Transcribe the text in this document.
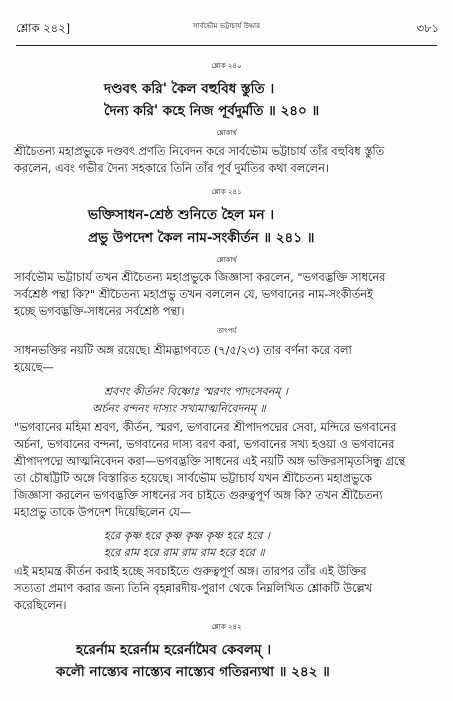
শ্লোক ২৪২]	সার্বভৌম ভট্টাচার্য উদ্ধার	৩৮১
শ্লোক ২৪০
দণ্ডবৎ করি' কৈল বহুবিধ স্তুতি ।
দৈন্য করি' কহে নিজ পূর্বদুর্মতি ॥ ২৪০ ॥
শ্লোকার্থ
শ্রীচৈতন্য মহাপ্রভুকে দণ্ডবৎ প্রণতি নিবেদন করে সার্বভৌম ভট্টাচার্য তাঁর বহুবিধ স্তুতি
করলেন, এবং গভীর দৈন্য সহকারে তিনি তাঁর পূর্ব দুর্মতির কথা বললেন।
শ্লোক ২৪১
ভক্তিসাধন-শ্রেষ্ঠ শুনিতে হৈল মন ।
প্রভু উপদেশ কৈল নাম-সংকীর্তন ॥ ২৪১ ॥
শ্লোকার্থ
সার্বভৌম ভট্টাচার্য তখন শ্রীচৈতন্য মহাপ্রভুকে জিজ্ঞাসা করলেন, "ভগবদ্ভক্তি সাধনের
সর্বশ্রেষ্ঠ পন্থা কি?" শ্রীচৈতন্য মহাপ্রভু তখন বললেন যে, ভগবানের নাম-সংকীর্তনই
হচ্ছে ভগবদ্ভক্তি-সাধনের সর্বশ্রেষ্ঠ পন্থা।
তাৎপর্য
সাধনভক্তির নয়টি অঙ্গ রয়েছে। শ্রীমদ্ভাগবতে (৭/৫/২৩) তার বর্ণনা করে বলা
হয়েছে—
শ্রবণং কীর্তনং বিষ্ণোঃ স্মরণং পাদসেবনম্ ।
অর্চনং বন্দনং দাস্যং সখ্যমাত্মনিবেদনম্ ॥
"ভগবানের মহিমা শ্রবণ, কীর্তন, স্মরণ, ভগবানের শ্রীপাদপদ্মের সেবা, মন্দিরে ভগবানের
অর্চনা, ভগবানের বন্দনা, ভগবানের দাস্য বরণ করা, ভগবানের সখ্য হওয়া ও ভগবানের
শ্রীপাদপদ্মে আত্মনিবেদন করা—ভগবদ্ভক্তি সাধনের এই নয়টি অঙ্গ ভক্তিরসামৃতসিন্ধু গ্রন্থে
তা চৌষট্টিটি অঙ্গে বিস্তারিত হয়েছে। সার্বভৌম ভট্টাচার্য যখন শ্রীচৈতন্য মহাপ্রভুকে
জিজ্ঞাসা করলেন ভগবদ্ভক্তি সাধনের সব চাইতে গুরুত্বপূর্ণ অঙ্গ কি? তখন শ্রীচৈতন্য
মহাপ্রভু তাকে উপদেশ দিয়েছিলেন যে—
হরে কৃষ্ণ হরে কৃষ্ণ কৃষ্ণ কৃষ্ণ হরে হরে ।
হরে রাম হরে রাম রাম রাম হরে হরে ॥
এই মহামন্ত্র কীর্তন করাই হচ্ছে সবচাইতে গুরুত্বপূর্ণ অঙ্গ। তারপর তাঁর এই উক্তির
সত্যতা প্রমাণ করার জন্য তিনি বৃহন্নারদীয়-পুরাণ থেকে নিম্নলিখিত শ্লোকটি উল্লেখ
করেছিলেন।
শ্লোক ২৪২
হরের্নাম হরের্নাম হরের্নামৈব কেবলম্ ।
কলৌ নাস্ত্যেব নাস্ত্যেব নাস্ত্যেব গতিরন্যথা ॥ ২৪২ ॥
